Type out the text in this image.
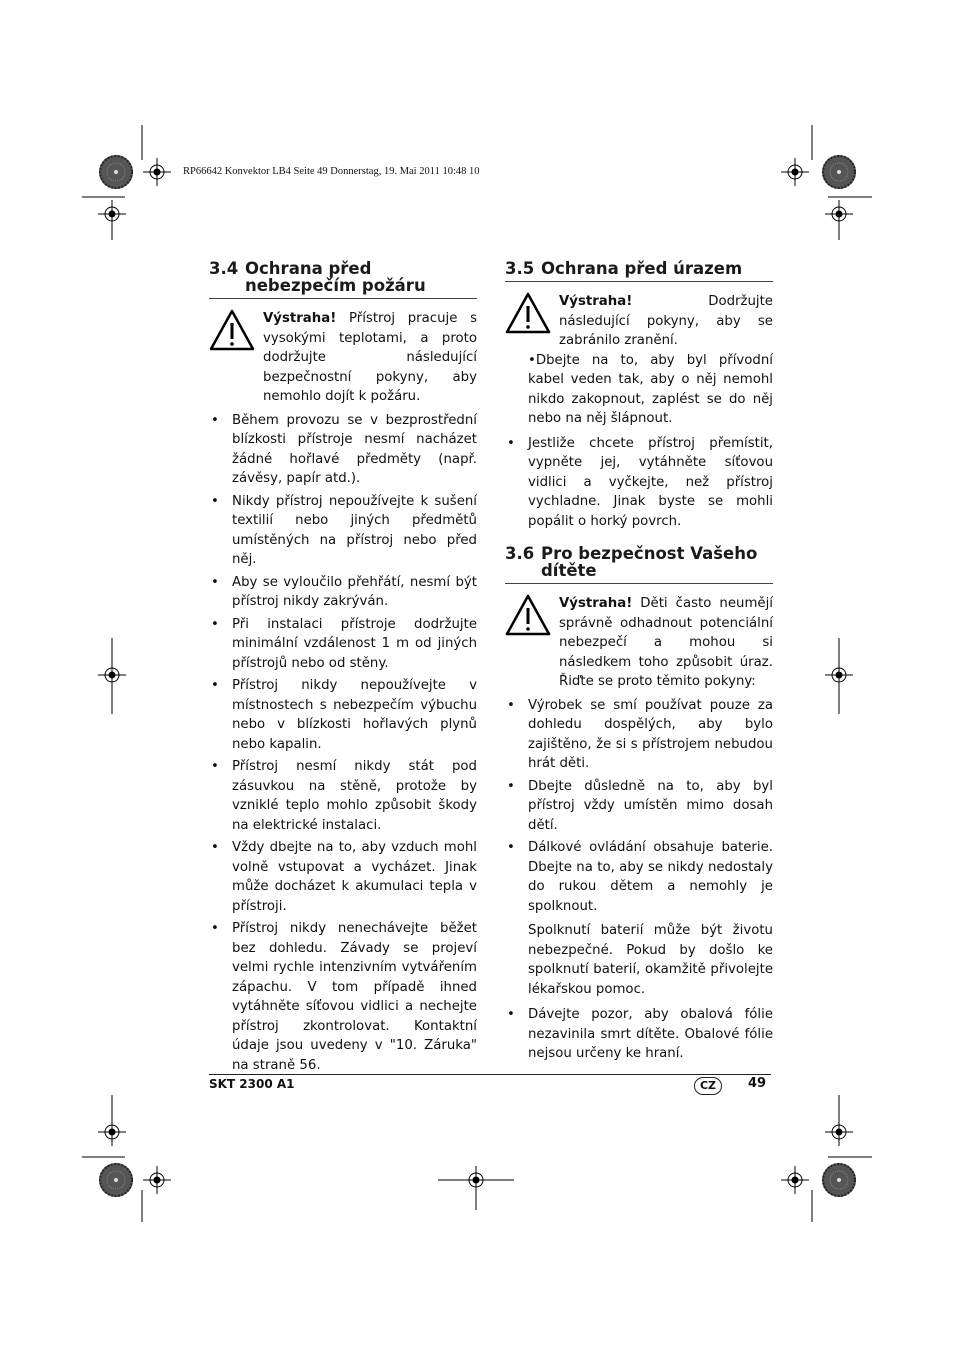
RP66642 Konvektor LB4 Seite 49 Donnerstag, 19. Mai 2011 10:48 10
3.4 Ochrana před nebezpečím požáru
Výstraha! Přístroj pracuje s vysokými teplotami, a proto dodržujte následující bezpečnostní pokyny, aby nemohlo dojít k požáru.
• Během provozu se v bezprostřední blízkosti přístroje nesmí nacházet žádné hořlavé předměty (např. závěsy, papír atd.).
• Nikdy přístroj nepoužívejte k sušení textilií nebo jiných předmětů umístěných na přístroj nebo před něj.
• Aby se vyloučilo přehřátí, nesmí být přístroj nikdy zakrýván.
• Při instalaci přístroje dodržujte minimální vzdálenost 1 m od jiných přístrojů nebo od stěny.
• Přístroj nikdy nepoužívejte v místnostech s nebezpečím výbuchu nebo v blízkosti hořlavých plynů nebo kapalin.
• Přístroj nesmí nikdy stát pod zásuvkou na stěně, protože by vzniklé teplo mohlo způsobit škody na elektrické instalaci.
• Vždy dbejte na to, aby vzduch mohl volně vstupovat a vycházet. Jinak může docházet k akumulaci tepla v přístroji.
• Přístroj nikdy nenechávejte běžet bez dohledu. Závady se projeví velmi rychle intenzivním vytvářením zápachu. V tom případě ihned vytáhněte síťovou vidlici a nechejte přístroj zkontrolovat. Kontaktní údaje jsou uvedeny v "10. Záruka" na straně 56.
3.5 Ochrana před úrazem
Výstraha! Dodržujte následující pokyny, aby se zabránilo zranění.

•Dbejte na to, aby byl přívodní kabel veden tak, aby o něj nemohl nikdo zakopnout, zaplést se do něj nebo na něj šlápnout.

• Jestliže chcete přístroj přemístit, vypněte jej, vytáhněte síťovou vidlici a vyčkejte, než přístroj vychladne. Jinak byste se mohli popálit o horký povrch.
3.6 Pro bezpečnost Vašeho dítěte
Výstraha! Děti často neumějí správně odhadnout potenciální nebezpečí a mohou si následkem toho způsobit úraz. Řiďte se proto těmito pokyny:
• Výrobek se smí používat pouze za dohledu dospělých, aby bylo zajištěno, že si s přístrojem nebudou hrát děti.
• Dbejte důsledně na to, aby byl přístroj vždy umístěn mimo dosah dětí.
• Dálkové ovládání obsahuje baterie. Dbejte na to, aby se nikdy nedostaly do rukou dětem a nemohly je spolknout.

Spolknutí baterií může být životu nebezpečné. Pokud by došlo ke spolknutí baterií, okamžitě přivolejte lékařskou pomoc.

• Dávejte pozor, aby obalová fólie nezavinila smrt dítěte. Obalové fólie nejsou určeny ke hraní.
SKT 2300 A1	CZ	49
